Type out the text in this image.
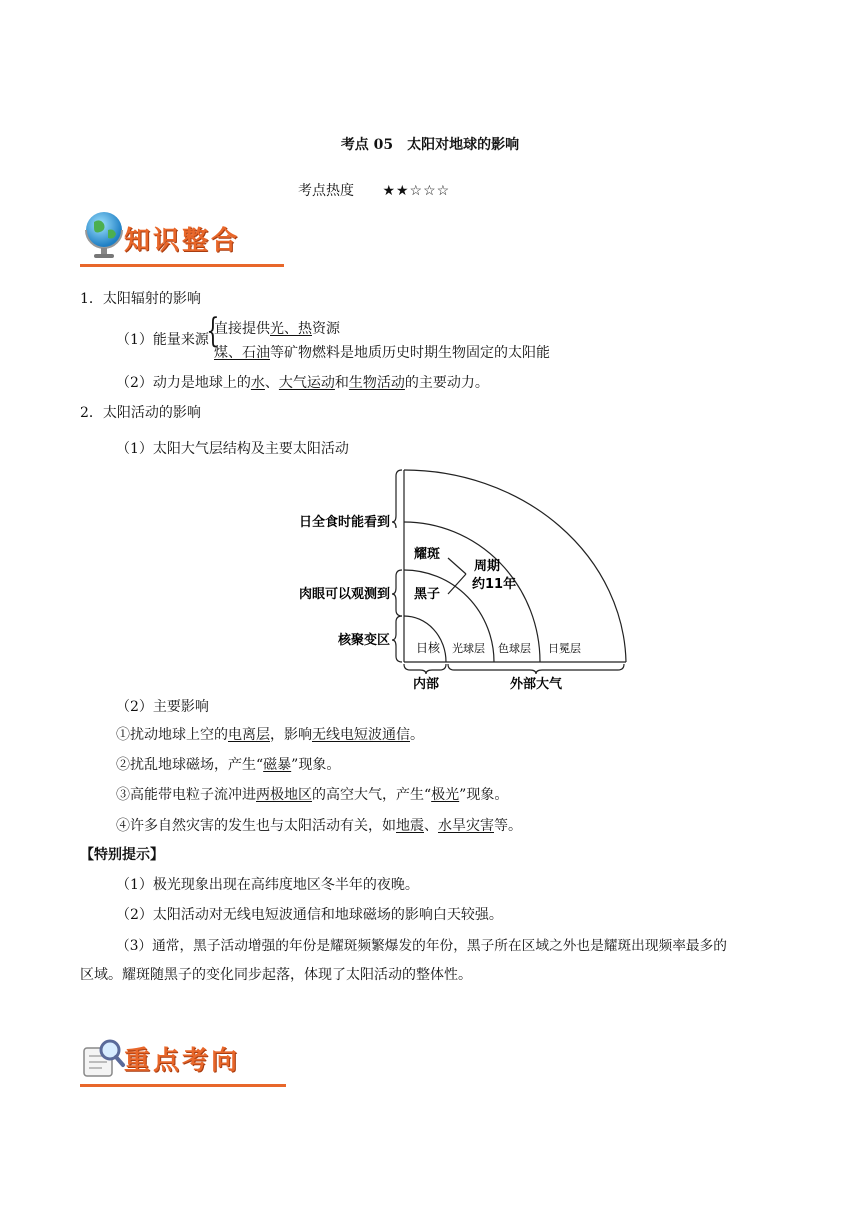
考点 05　太阳对地球的影响
考点热度 ★★☆☆☆
知识整合
1．太阳辐射的影响
（1）能量来源
{
直接提供光、热资源
煤、石油等矿物燃料是地质历史时期生物固定的太阳能
（2）动力是地球上的水、大气运动和生物活动的主要动力。
2．太阳活动的影响
（1）太阳大气层结构及主要太阳活动
日全食时能看到
肉眼可以观测到
核聚变区
耀斑
黑子
周期
约11年
日核 光球层 色球层 日冕层
内部	外部大气
（2）主要影响
①扰动地球上空的电离层，影响无线电短波通信。
②扰乱地球磁场，产生“磁暴”现象。
③高能带电粒子流冲进两极地区的高空大气，产生“极光”现象。
④许多自然灾害的发生也与太阳活动有关，如地震、水旱灾害等。
【特别提示】
（1）极光现象出现在高纬度地区冬半年的夜晚。
（2）太阳活动对无线电短波通信和地球磁场的影响白天较强。
（3）通常，黑子活动增强的年份是耀斑频繁爆发的年份，黑子所在区域之外也是耀斑出现频率最多的
区域。耀斑随黑子的变化同步起落，体现了太阳活动的整体性。
重点考向
